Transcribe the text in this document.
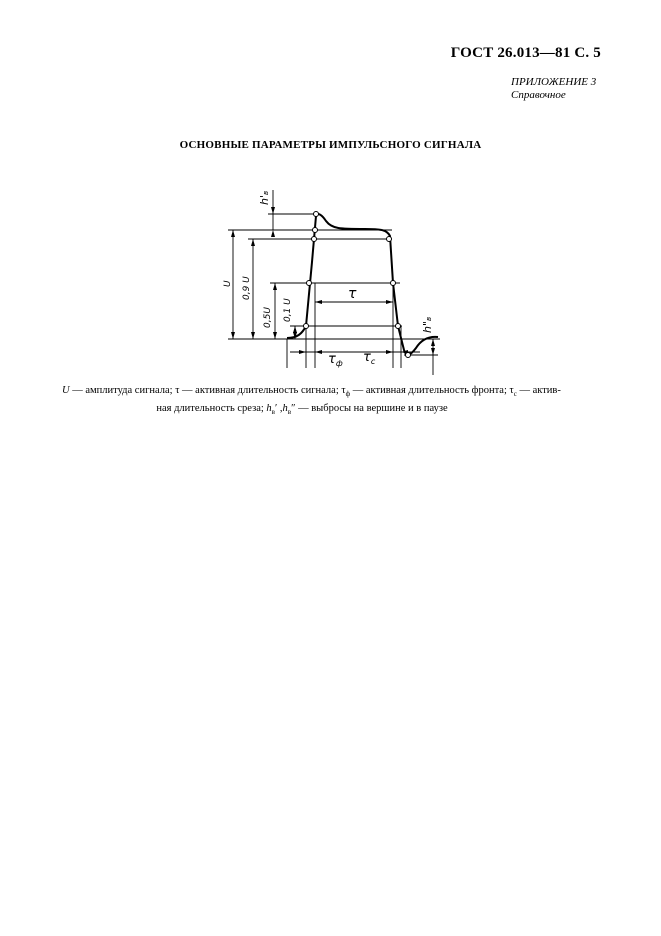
ГОСТ 26.013—81 С. 5
ПРИЛОЖЕНИЕ 3
Справочное
ОСНОВНЫЕ ПАРАМЕТРЫ ИМПУЛЬСНОГО СИГНАЛА
U 0,9 U
0,5U 0,1 U
h'в
h"в
τ
$\tau_ф$ $\tau_c$
U — амплитуда сигнала; τ — активная длительность сигнала; $\tau_ф$ — активная длительность фронта; $\tau_с$ — актив-
ная длительность среза; $h_в'$ $,h_в''$ — выбросы на вершине и в паузе
